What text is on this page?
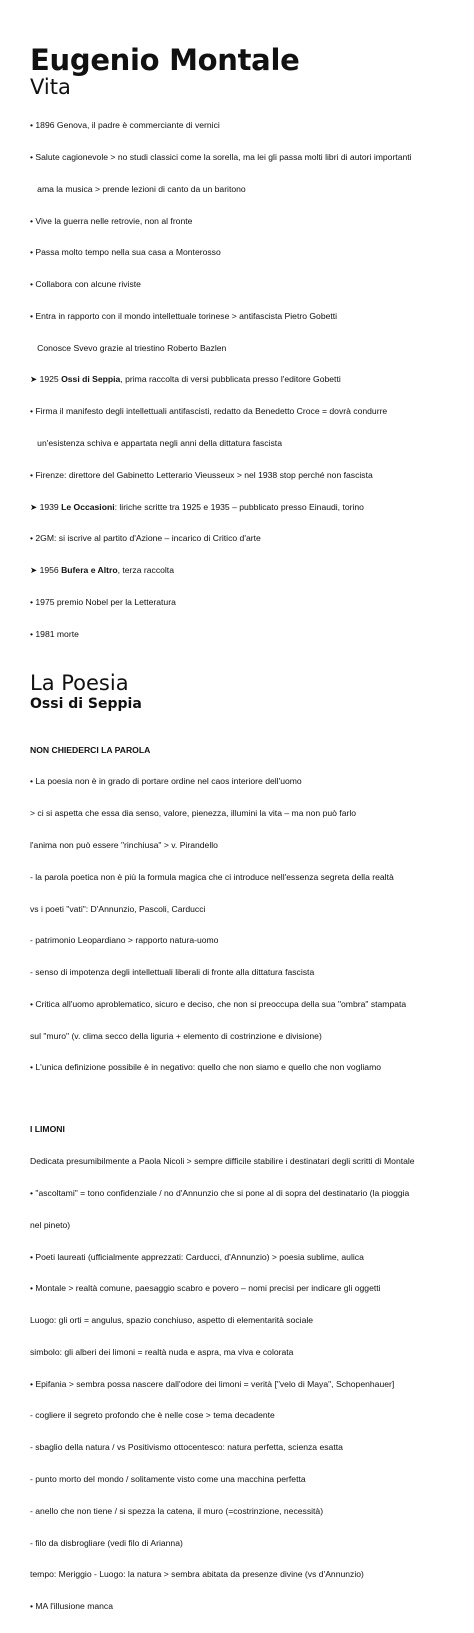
Eugenio Montale
Vita

• 1896 Genova, il padre è commerciante di vernici

• Salute cagionevole > no studi classici come la sorella, ma lei gli passa molti libri di autori importanti

ama la musica > prende lezioni di canto da un baritono

• Vive la guerra nelle retrovie, non al fronte

• Passa molto tempo nella sua casa a Monterosso

• Collabora con alcune riviste

• Entra in rapporto con il mondo intellettuale torinese > antifascista Pietro Gobetti

Conosce Svevo grazie al triestino Roberto Bazlen

➤ 1925 Ossi di Seppia, prima raccolta di versi pubblicata presso l'editore Gobetti

• Firma il manifesto degli intellettuali antifascisti, redatto da Benedetto Croce = dovrà condurre

un'esistenza schiva e appartata negli anni della dittatura fascista

• Firenze: direttore del Gabinetto Letterario Vieusseux > nel 1938 stop perché non fascista

➤ 1939 Le Occasioni: liriche scritte tra 1925 e 1935 – pubblicato presso Einaudi, torino

• 2GM: si iscrive al partito d'Azione – incarico di Critico d'arte

➤ 1956 Bufera e Altro, terza raccolta

• 1975 premio Nobel per la Letteratura

• 1981 morte

La Poesia
Ossi di Seppia

NON CHIEDERCI LA PAROLA

• La poesia non è in grado di portare ordine nel caos interiore dell'uomo

> ci si aspetta che essa dia senso, valore, pienezza, illumini la vita – ma non può farlo

l'anima non può essere "rinchiusa" > v. Pirandello

- la parola poetica non è più la formula magica che ci introduce nell'essenza segreta della realtà

vs i poeti "vati": D'Annunzio, Pascoli, Carducci

- patrimonio Leopardiano > rapporto natura-uomo

- senso di impotenza degli intellettuali liberali di fronte alla dittatura fascista

• Critica all'uomo aproblematico, sicuro e deciso, che non si preoccupa della sua "ombra" stampata

sul "muro" (v. clima secco della liguria + elemento di costrinzione e divisione)

• L'unica definizione possibile è in negativo: quello che non siamo e quello che non vogliamo

I LIMONI

Dedicata presumibilmente a Paola Nicoli > sempre difficile stabilire i destinatari degli scritti di Montale

• "ascoltami" = tono confidenziale / no d'Annunzio che si pone al di sopra del destinatario (la pioggia

nel pineto)

• Poeti laureati (ufficialmente apprezzati: Carducci, d'Annunzio) > poesia sublime, aulica

• Montale > realtà comune, paesaggio scabro e povero – nomi precisi per indicare gli oggetti

Luogo: gli orti = angulus, spazio conchiuso, aspetto di elementarità sociale

simbolo: gli alberi dei limoni = realtà nuda e aspra, ma viva e colorata

• Epifania > sembra possa nascere dall'odore dei limoni = verità ["velo di Maya", Schopenhauer]

- cogliere il segreto profondo che è nelle cose > tema decadente

- sbaglio della natura / vs Positivismo ottocentesco: natura perfetta, scienza esatta

- punto morto del mondo / solitamente visto come una macchina perfetta

- anello che non tiene / si spezza la catena, il muro (=costrinzione, necessità)

- filo da disbrogliare (vedi filo di Arianna)

tempo: Meriggio - Luogo: la natura > sembra abitata da presenze divine (vs d'Annunzio)

• MA l'illusione manca
